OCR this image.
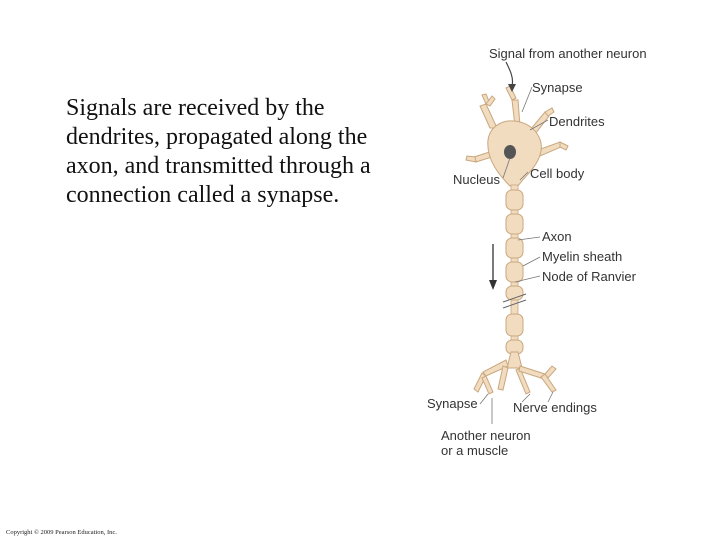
Signals are received by the dendrites, propagated along the axon, and transmitted through a connection called a synapse.
Signal from another neuron
Synapse
Dendrites
Cell body
Nucleus
Axon
Myelin sheath
Node of Ranvier
Synapse	Nerve endings
Another neuron
or a muscle
Copyright © 2009 Pearson Education, Inc.
